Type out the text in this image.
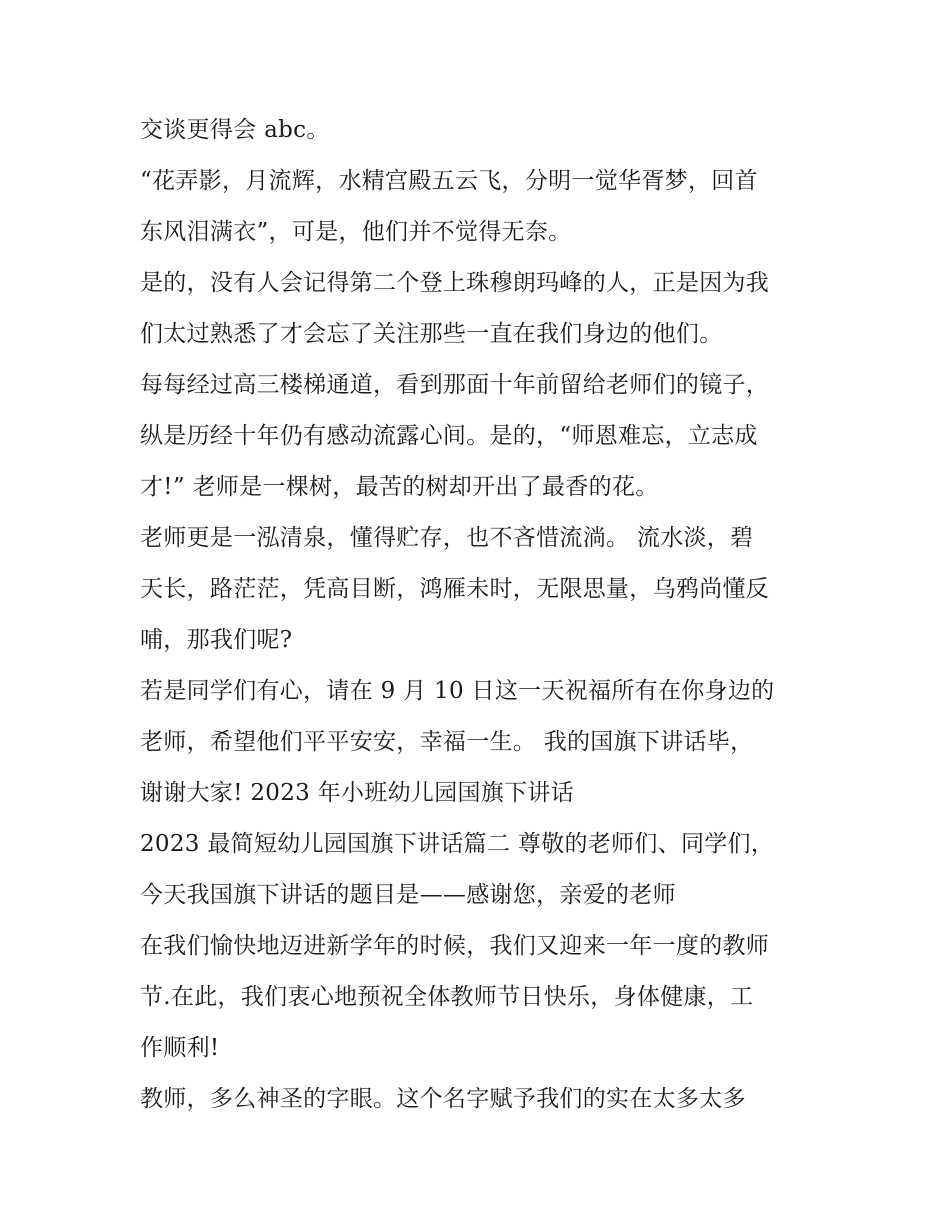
交谈更得会 abc。
“花弄影，月流辉，水精宫殿五云飞，分明一觉华胥梦，回首
东风泪满衣”，可是，他们并不觉得无奈。
是的，没有人会记得第二个登上珠穆朗玛峰的人，正是因为我
们太过熟悉了才会忘了关注那些一直在我们身边的他们。
每每经过高三楼梯通道，看到那面十年前留给老师们的镜子，
纵是历经十年仍有感动流露心间。是的，“师恩难忘，立志成
才!” 老师是一棵树，最苦的树却开出了最香的花。
老师更是一泓清泉，懂得贮存，也不吝惜流淌。 流水淡，碧
天长，路茫茫，凭高目断，鸿雁未时，无限思量，乌鸦尚懂反
哺，那我们呢?
若是同学们有心，请在 9 月 10 日这一天祝福所有在你身边的
老师，希望他们平平安安，幸福一生。 我的国旗下讲话毕，
谢谢大家! 2023 年小班幼儿园国旗下讲话
2023 最简短幼儿园国旗下讲话篇二 尊敬的老师们、同学们，
今天我国旗下讲话的题目是——感谢您，亲爱的老师
在我们愉快地迈进新学年的时候，我们又迎来一年一度的教师
节.在此，我们衷心地预祝全体教师节日快乐，身体健康，工
作顺利!
教师，多么神圣的字眼。这个名字赋予我们的实在太多太多
